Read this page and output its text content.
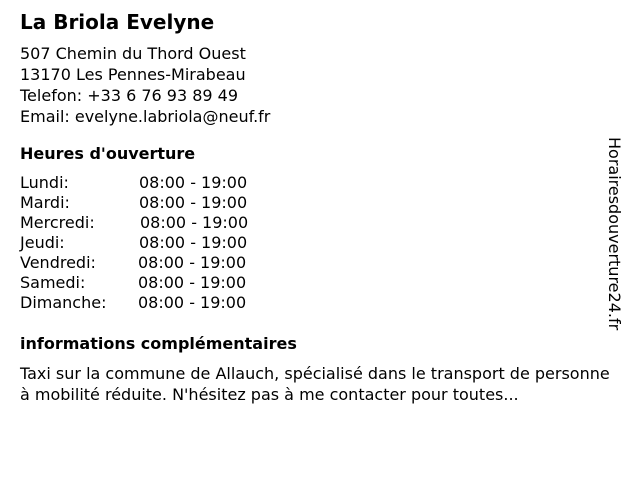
La Briola Evelyne
507 Chemin du Thord Ouest
13170 Les Pennes-Mirabeau
Telefon: +33 6 76 93 89 49
Email: evelyne.labriola@neuf.fr
Heures d'ouverture
Lundi:	08:00 - 19:00
Mardi:	08:00 - 19:00
Mercredi:	08:00 - 19:00
Jeudi:	08:00 - 19:00
Vendredi:	08:00 - 19:00
Samedi:	08:00 - 19:00
Dimanche: 08:00 - 19:00
informations complémentaires
Taxi sur la commune de Allauch, spécialisé dans le transport de personne à mobilité réduite. N'hésitez pas à me contacter pour toutes...
Horairesdouverture24.fr
